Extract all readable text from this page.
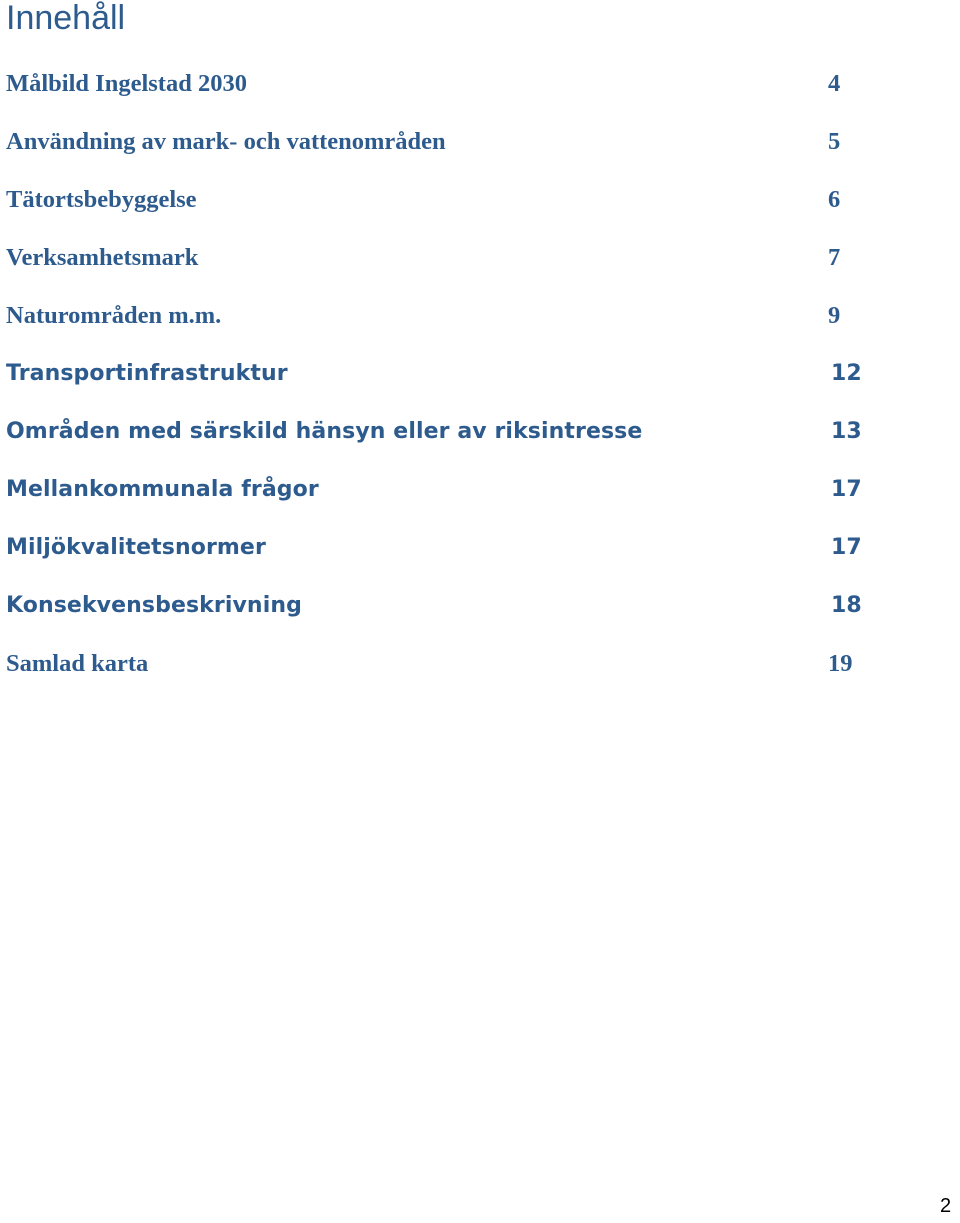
Innehåll
Målbild Ingelstad 2030	4
Användning av mark- och vattenområden	5
Tätortsbebyggelse	6
Verksamhetsmark	7
Naturområden m.m.	9
Transportinfrastruktur	12
Områden med särskild hänsyn eller av riksintresse	13
Mellankommunala frågor	17
Miljökvalitetsnormer	17
Konsekvensbeskrivning	18
Samlad karta	19
2
